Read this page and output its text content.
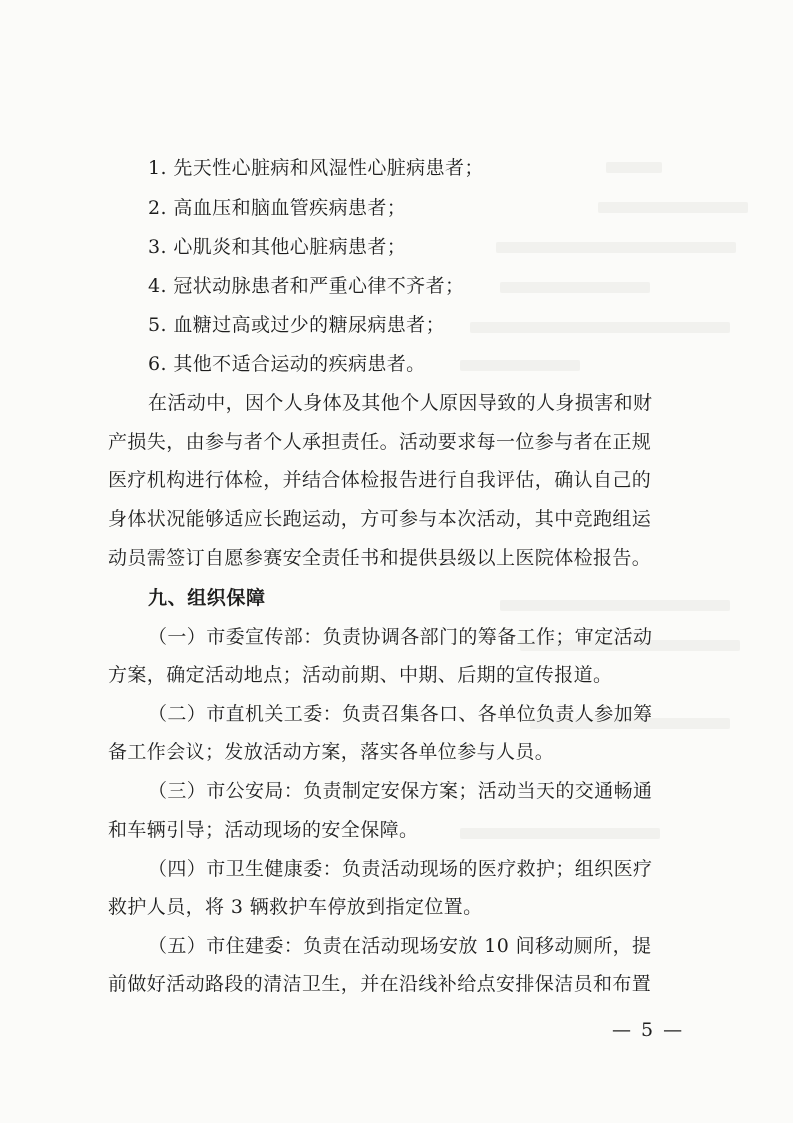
1. 先天性心脏病和风湿性心脏病患者；
2. 高血压和脑血管疾病患者；
3. 心肌炎和其他心脏病患者；
4. 冠状动脉患者和严重心律不齐者；
5. 血糖过高或过少的糖尿病患者；
6. 其他不适合运动的疾病患者。
在活动中，因个人身体及其他个人原因导致的人身损害和财
产损失，由参与者个人承担责任。活动要求每一位参与者在正规
医疗机构进行体检，并结合体检报告进行自我评估，确认自己的
身体状况能够适应长跑运动，方可参与本次活动，其中竞跑组运
动员需签订自愿参赛安全责任书和提供县级以上医院体检报告。
九、组织保障
（一）市委宣传部：负责协调各部门的筹备工作；审定活动
方案，确定活动地点；活动前期、中期、后期的宣传报道。
（二）市直机关工委：负责召集各口、各单位负责人参加筹
备工作会议；发放活动方案，落实各单位参与人员。
（三）市公安局：负责制定安保方案；活动当天的交通畅通
和车辆引导；活动现场的安全保障。
（四）市卫生健康委：负责活动现场的医疗救护；组织医疗
救护人员，将 3 辆救护车停放到指定位置。
（五）市住建委：负责在活动现场安放 10 间移动厕所，提
前做好活动路段的清洁卫生，并在沿线补给点安排保洁员和布置
— 5 —
